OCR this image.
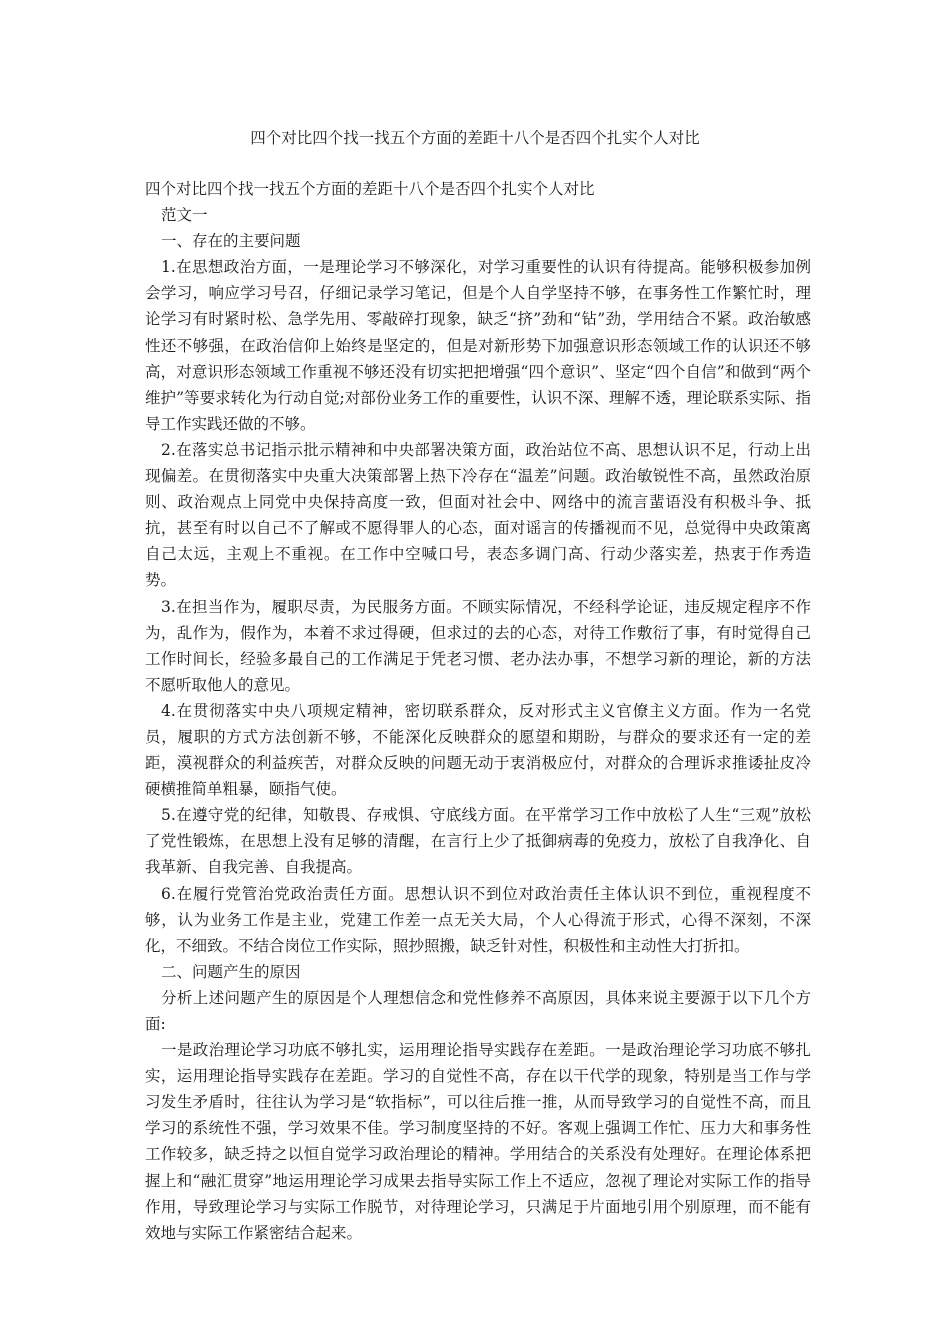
四个对比四个找一找五个方面的差距十八个是否四个扎实个人对比

四个对比四个找一找五个方面的差距十八个是否四个扎实个人对比

范文一

一、存在的主要问题

1.在思想政治方面，一是理论学习不够深化，对学习重要性的认识有待提高。能够积极参加例会学习，响应学习号召，仔细记录学习笔记，但是个人自学坚持不够，在事务性工作繁忙时，理论学习有时紧时松、急学先用、零敲碎打现象，缺乏“挤”劲和“钻”劲，学用结合不紧。政治敏感性还不够强，在政治信仰上始终是坚定的，但是对新形势下加强意识形态领域工作的认识还不够高，对意识形态领域工作重视不够还没有切实把把增强“四个意识”、坚定“四个自信”和做到“两个维护”等要求转化为行动自觉;对部份业务工作的重要性，认识不深、理解不透，理论联系实际、指导工作实践还做的不够。

2.在落实总书记指示批示精神和中央部署决策方面，政治站位不高、思想认识不足，行动上出现偏差。在贯彻落实中央重大决策部署上热下冷存在“温差”问题。政治敏锐性不高，虽然政治原则、政治观点上同党中央保持高度一致，但面对社会中、网络中的流言蜚语没有积极斗争、抵抗，甚至有时以自己不了解或不愿得罪人的心态，面对谣言的传播视而不见，总觉得中央政策离自己太远，主观上不重视。在工作中空喊口号，表态多调门高、行动少落实差，热衷于作秀造势。

3.在担当作为，履职尽责，为民服务方面。不顾实际情况，不经科学论证，违反规定程序不作为，乱作为，假作为，本着不求过得硬，但求过的去的心态，对待工作敷衍了事，有时觉得自己工作时间长，经验多最自己的工作满足于凭老习惯、老办法办事，不想学习新的理论，新的方法不愿听取他人的意见。

4.在贯彻落实中央八项规定精神，密切联系群众，反对形式主义官僚主义方面。作为一名党员，履职的方式方法创新不够，不能深化反映群众的愿望和期盼，与群众的要求还有一定的差距，漠视群众的利益疾苦，对群众反映的问题无动于衷消极应付，对群众的合理诉求推诿扯皮冷硬横推简单粗暴，颐指气使。

5.在遵守党的纪律，知敬畏、存戒惧、守底线方面。在平常学习工作中放松了人生“三观”放松了党性锻炼，在思想上没有足够的清醒，在言行上少了抵御病毒的免疫力，放松了自我净化、自我革新、自我完善、自我提高。

6.在履行党管治党政治责任方面。思想认识不到位对政治责任主体认识不到位，重视程度不够，认为业务工作是主业，党建工作差一点无关大局，个人心得流于形式，心得不深刻，不深化，不细致。不结合岗位工作实际，照抄照搬，缺乏针对性，积极性和主动性大打折扣。

二、问题产生的原因

分析上述问题产生的原因是个人理想信念和党性修养不高原因，具体来说主要源于以下几个方面:

一是政治理论学习功底不够扎实，运用理论指导实践存在差距。一是政治理论学习功底不够扎实，运用理论指导实践存在差距。学习的自觉性不高，存在以干代学的现象，特别是当工作与学习发生矛盾时，往往认为学习是“软指标”，可以往后推一推，从而导致学习的自觉性不高，而且学习的系统性不强，学习效果不佳。学习制度坚持的不好。客观上强调工作忙、压力大和事务性工作较多，缺乏持之以恒自觉学习政治理论的精神。学用结合的关系没有处理好。在理论体系把握上和“融汇贯穿”地运用理论学习成果去指导实际工作上不适应，忽视了理论对实际工作的指导作用，导致理论学习与实际工作脱节，对待理论学习，只满足于片面地引用个别原理，而不能有效地与实际工作紧密结合起来。
